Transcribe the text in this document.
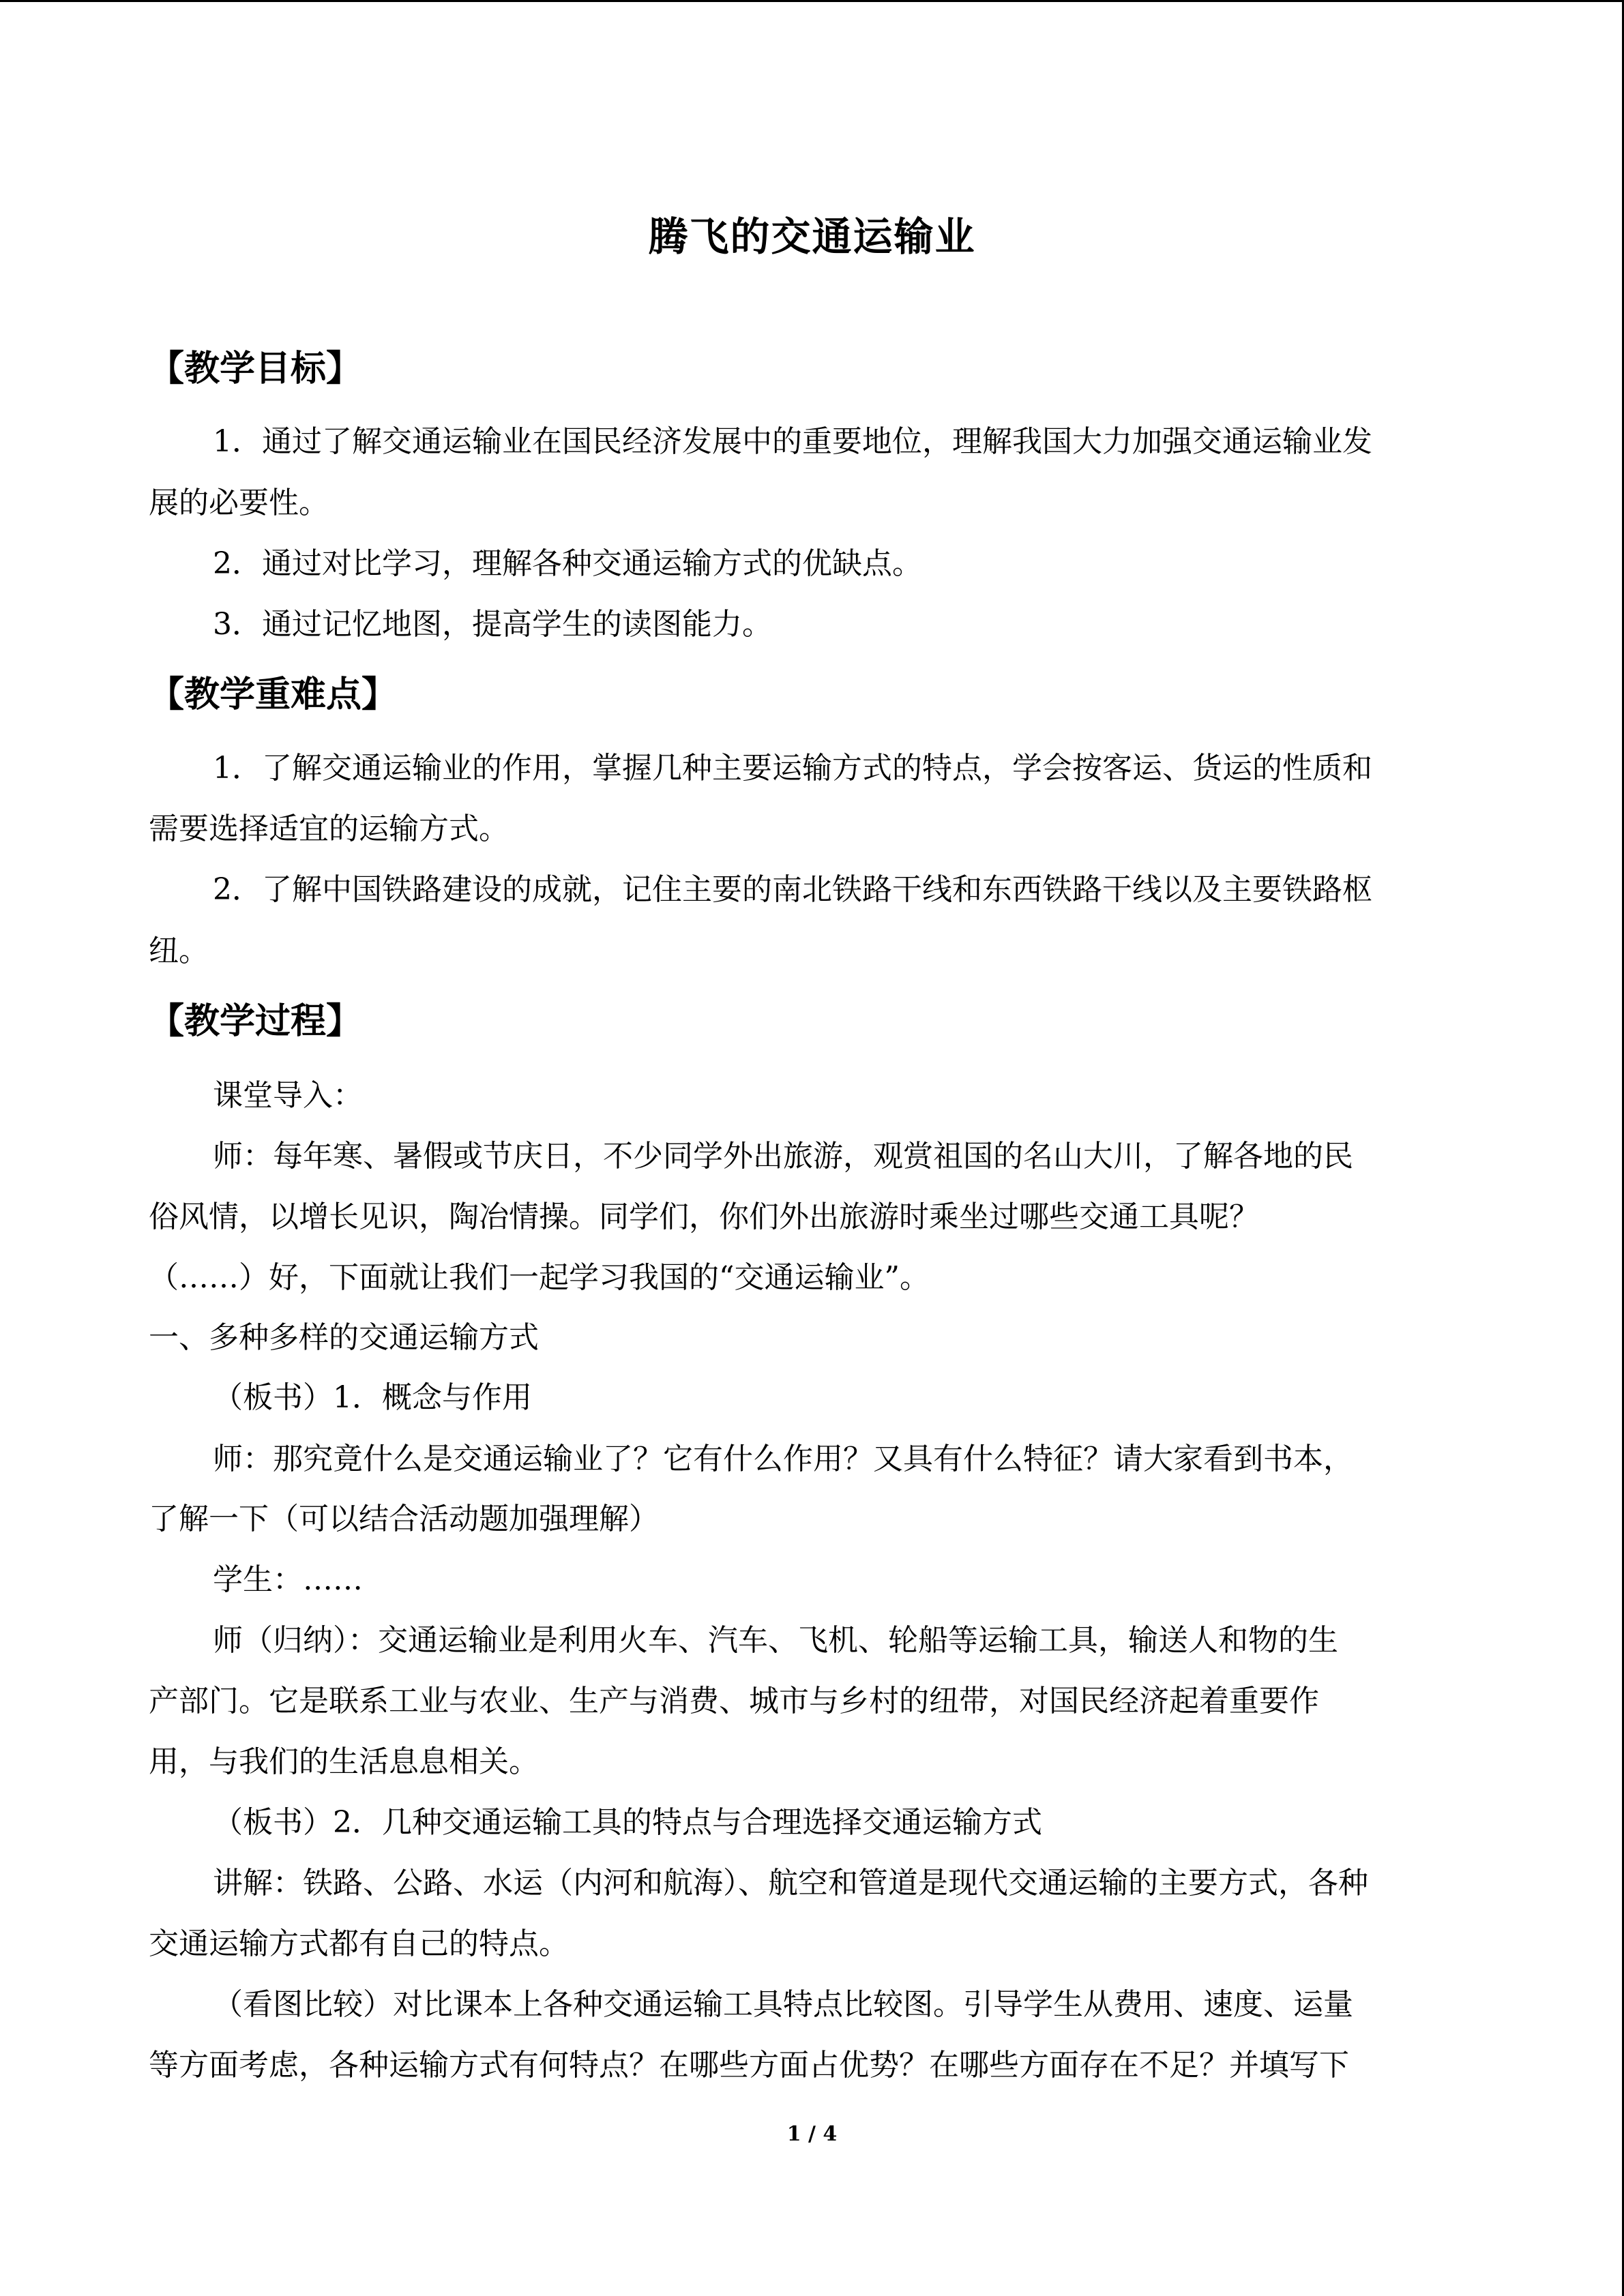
腾飞的交通运输业
【教学目标】
1．通过了解交通运输业在国民经济发展中的重要地位，理解我国大力加强交通运输业发
展的必要性。
2．通过对比学习，理解各种交通运输方式的优缺点。
3．通过记忆地图，提高学生的读图能力。
【教学重难点】
1．了解交通运输业的作用，掌握几种主要运输方式的特点，学会按客运、货运的性质和
需要选择适宜的运输方式。
2．了解中国铁路建设的成就，记住主要的南北铁路干线和东西铁路干线以及主要铁路枢
纽。
【教学过程】
课堂导入：
师：每年寒、暑假或节庆日，不少同学外出旅游，观赏祖国的名山大川，了解各地的民
俗风情，以增长见识，陶冶情操。同学们，你们外出旅游时乘坐过哪些交通工具呢？
（……）好，下面就让我们一起学习我国的“交通运输业”。
一、多种多样的交通运输方式
（板书）1．概念与作用
师：那究竟什么是交通运输业了？它有什么作用？又具有什么特征？请大家看到书本，
了解一下（可以结合活动题加强理解）
学生：……
师（归纳）：交通运输业是利用火车、汽车、飞机、轮船等运输工具，输送人和物的生
产部门。它是联系工业与农业、生产与消费、城市与乡村的纽带，对国民经济起着重要作
用，与我们的生活息息相关。
（板书）2．几种交通运输工具的特点与合理选择交通运输方式
讲解：铁路、公路、水运（内河和航海）、航空和管道是现代交通运输的主要方式，各种
交通运输方式都有自己的特点。
（看图比较）对比课本上各种交通运输工具特点比较图。引导学生从费用、速度、运量
等方面考虑，各种运输方式有何特点？在哪些方面占优势？在哪些方面存在不足？并填写下
1 / 4
